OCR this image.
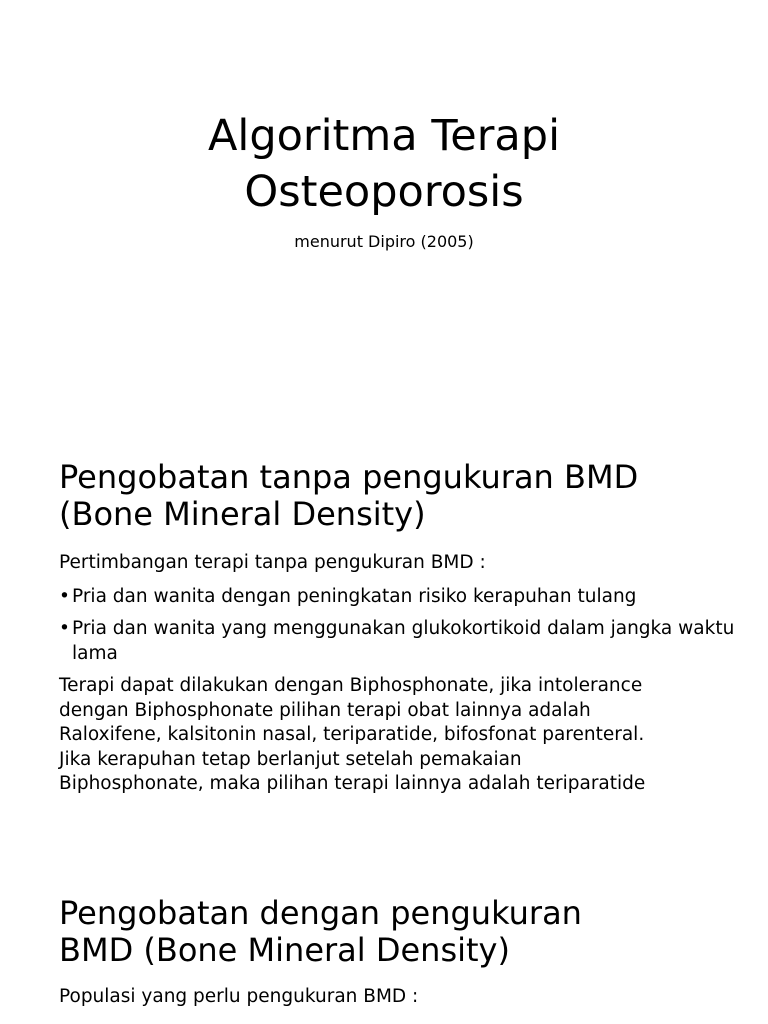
Algoritma Terapi
Osteoporosis
menurut Dipiro (2005)
Pengobatan tanpa pengukuran BMD
(Bone Mineral Density)

Pertimbangan terapi tanpa pengukuran BMD :

• Pria dan wanita dengan peningkatan risiko kerapuhan tulang
• Pria dan wanita yang menggunakan glukokortikoid dalam jangka waktu lama
Terapi dapat dilakukan dengan Biphosphonate, jika intolerance
dengan Biphosphonate pilihan terapi obat lainnya adalah
Raloxifene, kalsitonin nasal, teriparatide, bifosfonat parenteral.
Jika kerapuhan tetap berlanjut setelah pemakaian
Biphosphonate, maka pilihan terapi lainnya adalah teriparatide
Pengobatan dengan pengukuran
BMD (Bone Mineral Density)

Populasi yang perlu pengukuran BMD :
